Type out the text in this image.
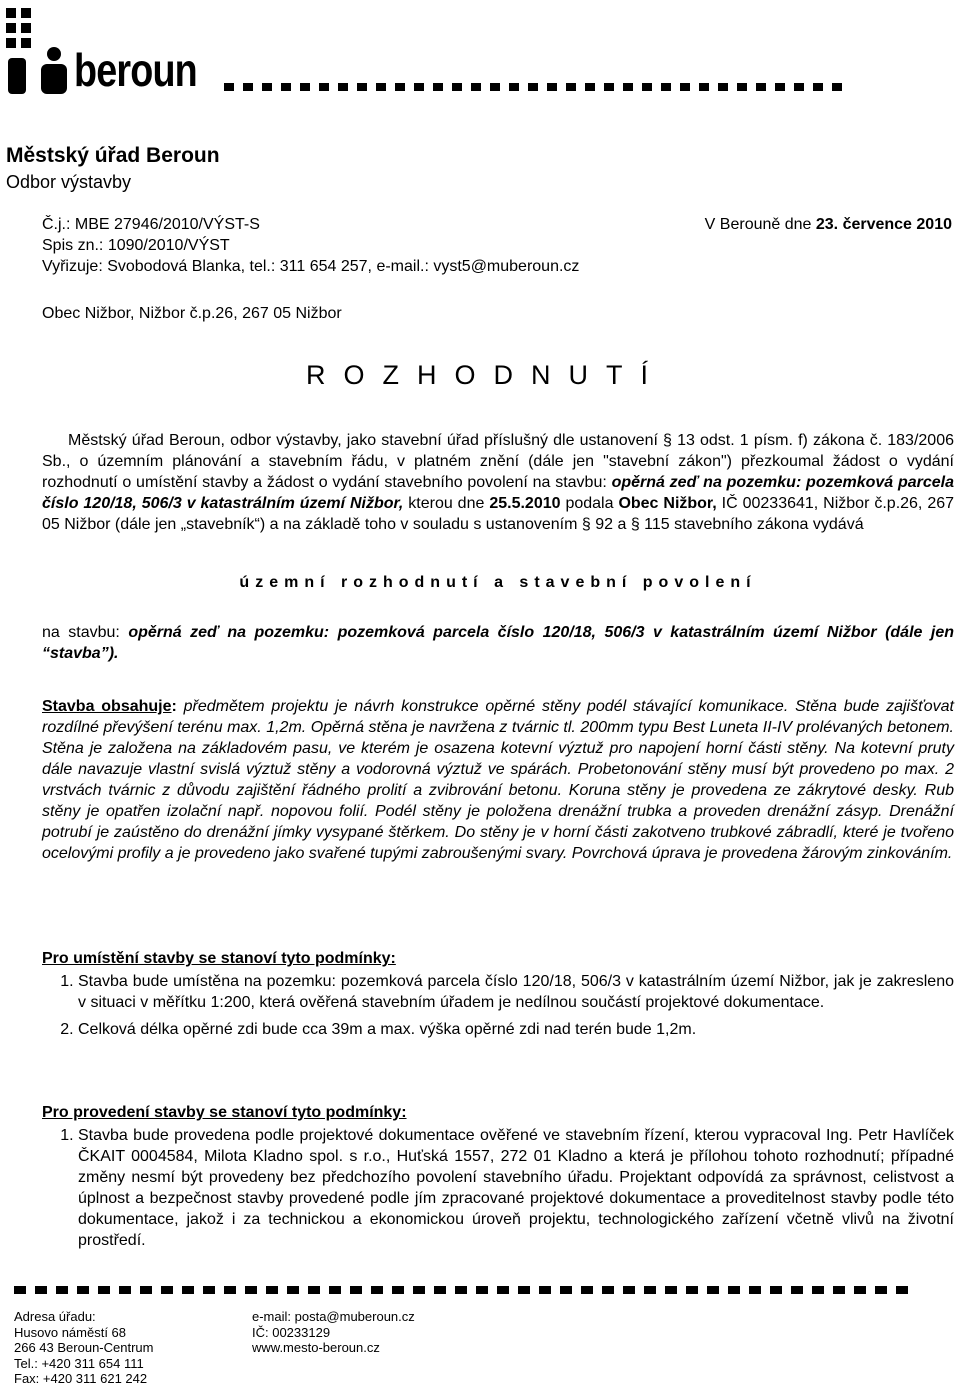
beroun
Městský úřad Beroun
Odbor výstavby
Č.j.: MBE 27946/2010/VÝST-S
Spis zn.: 1090/2010/VÝST
Vyřizuje: Svobodová Blanka, tel.: 311 654 257, e-mail.: vyst5@muberoun.cz
V Berouně dne 23. července 2010
Obec Nižbor, Nižbor č.p.26, 267 05 Nižbor
ROZHODNUTÍ
Městský úřad Beroun, odbor výstavby, jako stavební úřad příslušný dle ustanovení § 13 odst. 1 písm. f) zákona č. 183/2006 Sb., o územním plánování a stavebním řádu, v platném znění (dále jen "stavební zákon") přezkoumal žádost o vydání rozhodnutí o umístění stavby a žádost o vydání stavebního povolení na stavbu: opěrná zeď na pozemku: pozemková parcela číslo 120/18, 506/3 v katastrálním území Nižbor, kterou dne 25.5.2010 podala Obec Nižbor, IČ 00233641, Nižbor č.p.26, 267 05 Nižbor (dále jen „stavebník“) a na základě toho v souladu s ustanovením § 92 a § 115 stavebního zákona vydává
územní rozhodnutí a stavební povolení
na stavbu: opěrná zeď na pozemku: pozemková parcela číslo 120/18, 506/3 v katastrálním území Nižbor (dále jen “stavba”).
Stavba obsahuje: předmětem projektu je návrh konstrukce opěrné stěny podél stávající komunikace. Stěna bude zajišťovat rozdílné převýšení terénu max. 1,2m. Opěrná stěna je navržena z tvárnic tl. 200mm typu Best Luneta II-IV prolévaných betonem. Stěna je založena na základovém pasu, ve kterém je osazena kotevní výztuž pro napojení horní části stěny. Na kotevní pruty dále navazuje vlastní svislá výztuž stěny a vodorovná výztuž ve spárách. Probetonování stěny musí být provedeno po max. 2 vrstvách tvárnic z důvodu zajištění řádného prolití a zvibrování betonu. Koruna stěny je provedena ze zákrytové desky. Rub stěny je opatřen izolační např. nopovou folií. Podél stěny je položena drenážní trubka a proveden drenážní zásyp. Drenážní potrubí je zaústěno do drenážní jímky vysypané štěrkem. Do stěny je v horní části zakotveno trubkové zábradlí, které je tvořeno ocelovými profily a je provedeno jako svařené tupými zabroušenými svary. Povrchová úprava je provedena žárovým zinkováním.
Pro umístění stavby se stanoví tyto podmínky:
1. Stavba bude umístěna na pozemku: pozemková parcela číslo 120/18, 506/3 v katastrálním území Nižbor, jak je zakresleno v situaci v měřítku 1:200, která ověřená stavebním úřadem je nedílnou součástí projektové dokumentace.
2. Celková délka opěrné zdi bude cca 39m a max. výška opěrné zdi nad terén bude 1,2m.
Pro provedení stavby se stanoví tyto podmínky:
1. Stavba bude provedena podle projektové dokumentace ověřené ve stavebním řízení, kterou vypracoval Ing. Petr Havlíček ČKAIT 0004584, Milota Kladno spol. s r.o., Huťská 1557, 272 01 Kladno a která je přílohou tohoto rozhodnutí; případné změny nesmí být provedeny bez předchozího povolení stavebního úřadu. Projektant odpovídá za správnost, celistvost a úplnost a bezpečnost stavby provedené podle jím zpracované projektové dokumentace a proveditelnost stavby podle této dokumentace, jakož i za technickou a ekonomickou úroveň projektu, technologického zařízení včetně vlivů na životní prostředí.
Adresa úřadu:
Husovo náměstí 68
266 43 Beroun-Centrum
Tel.: +420 311 654 111
Fax: +420 311 621 242
e-mail: posta@muberoun.cz
IČ: 00233129
www.mesto-beroun.cz
